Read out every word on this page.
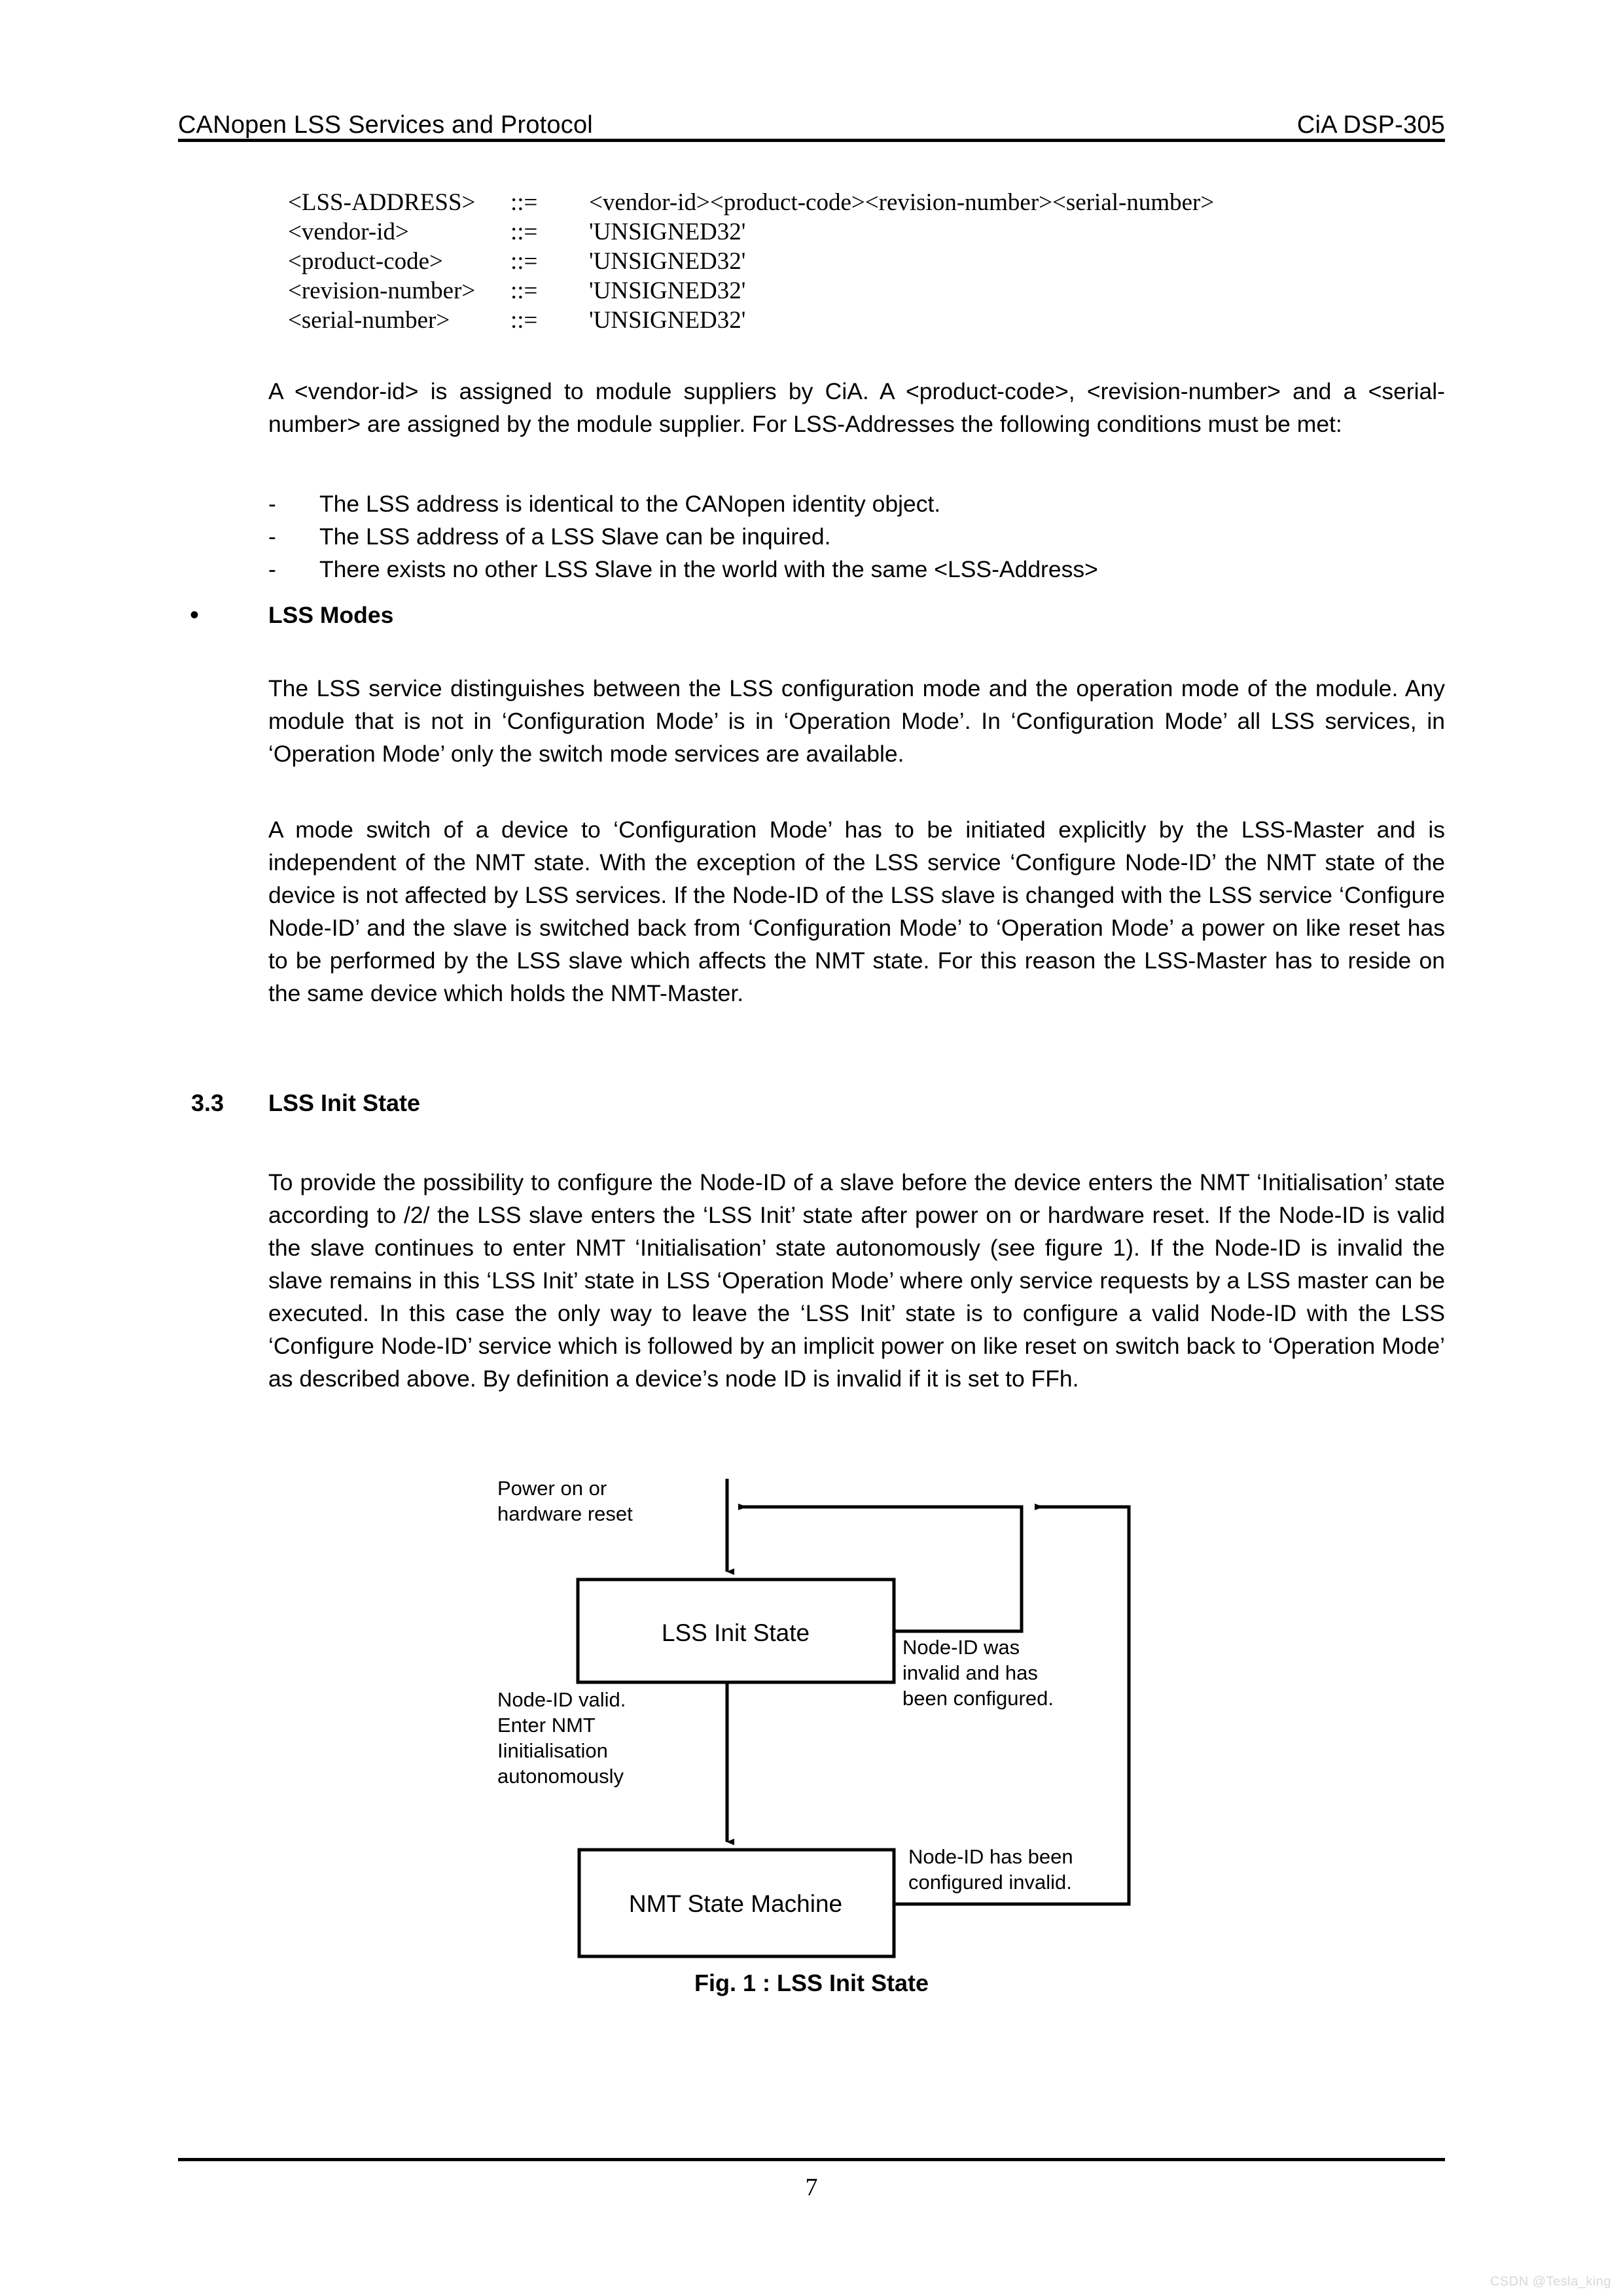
CANopen LSS Services and Protocol	CiA DSP-305
<LSS-ADDRESS>	::=	<vendor-id><product-code><revision-number><serial-number>
<vendor-id>	::=	'UNSIGNED32'
<product-code>	::=	'UNSIGNED32'
<revision-number>	::=	'UNSIGNED32'
<serial-number>	::=	'UNSIGNED32'

A <vendor-id> is assigned to module suppliers by CiA. A <product-code>, <revision-number> and a <serial-number> are assigned by the module supplier. For LSS-Addresses the following conditions must be met:

-	The LSS address is identical to the CANopen identity object.
-	The LSS address of a LSS Slave can be inquired.
-	There exists no other LSS Slave in the world with the same <LSS-Address>
•	LSS Modes

The LSS service distinguishes between the LSS configuration mode and the operation mode of the module. Any module that is not in ‘Configuration Mode’ is in ‘Operation Mode’. In ‘Configuration Mode’ all LSS services, in ‘Operation Mode’ only the switch mode services are available.

A mode switch of a device to ‘Configuration Mode’ has to be initiated explicitly by the LSS-Master and is independent of the NMT state. With the exception of the LSS service ‘Configure Node-ID’ the NMT state of the device is not affected by LSS services. If the Node-ID of the LSS slave is changed with the LSS service ‘Configure Node-ID’ and the slave is switched back from ‘Configuration Mode’ to ‘Operation Mode’ a power on like reset has to be performed by the LSS slave which affects the NMT state. For this reason the LSS-Master has to reside on the same device which holds the NMT-Master.

3.3	LSS Init State

To provide the possibility to configure the Node-ID of a slave before the device enters the NMT ‘Initialisation’ state according to /2/ the LSS slave enters the ‘LSS Init’ state after power on or hardware reset. If the Node-ID is valid the slave continues to enter NMT ‘Initialisation’ state autonomously (see figure 1). If the Node-ID is invalid the slave remains in this ‘LSS Init’ state in LSS ‘Operation Mode’ where only service requests by a LSS master can be executed. In this case the only way to leave the ‘LSS Init’ state is to configure a valid Node-ID with the LSS ‘Configure Node-ID’ service which is followed by an implicit power on like reset on switch back to ‘Operation Mode’ as described above. By definition a device’s node ID is invalid if it is set to FFh.

LSS Init State
NMT State Machine
Power on or
hardware reset
Node-ID valid.
Enter NMT
Iinitialisation
autonomously
Node-ID was
invalid and has
been configured.
Node-ID has been
configured invalid.
Fig. 1 : LSS Init State
7
CSDN @Tesla_king
